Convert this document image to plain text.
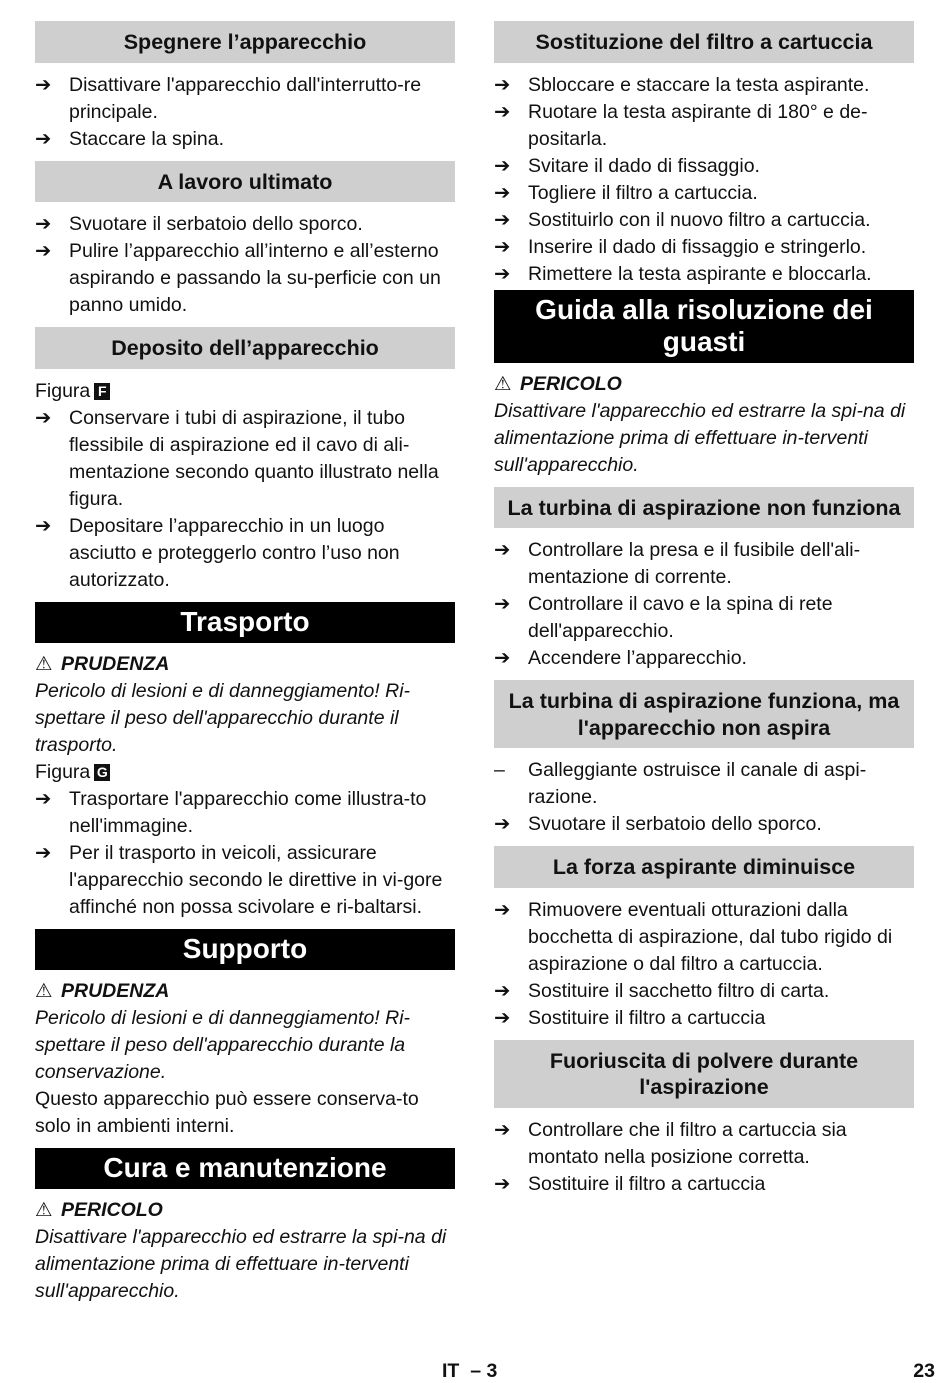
Spegnere l’apparecchio
➔ Disattivare l'apparecchio dall'interrutto-re principale.
➔ Staccare la spina.
A lavoro ultimato
➔ Svuotare il serbatoio dello sporco.
➔ Pulire l’apparecchio all’interno e all’esterno aspirando e passando la su-perficie con un panno umido.
Deposito dell’apparecchio
Figura F
➔ Conservare i tubi di aspirazione, il tubo flessibile di aspirazione ed il cavo di ali-mentazione secondo quanto illustrato nella figura.
➔ Depositare l’apparecchio in un luogo asciutto e proteggerlo contro l’uso non autorizzato.
Trasporto
⚠ PRUDENZA
Pericolo di lesioni e di danneggiamento! Ri-spettare il peso dell'apparecchio durante il trasporto.
Figura G
➔ Trasportare l'apparecchio come illustra-to nell'immagine.
➔ Per il trasporto in veicoli, assicurare l'apparecchio secondo le direttive in vi-gore affinché non possa scivolare e ri-baltarsi.
Supporto
⚠ PRUDENZA
Pericolo di lesioni e di danneggiamento! Ri-spettare il peso dell'apparecchio durante la conservazione.
Questo apparecchio può essere conserva-to solo in ambienti interni.
Cura e manutenzione
⚠ PERICOLO
Disattivare l'apparecchio ed estrarre la spi-na di alimentazione prima di effettuare in-terventi sull'apparecchio.
Sostituzione del filtro a cartuccia
➔ Sbloccare e staccare la testa aspirante.
➔ Ruotare la testa aspirante di 180° e de-positarla.
➔ Svitare il dado di fissaggio.
➔ Togliere il filtro a cartuccia.
➔ Sostituirlo con il nuovo filtro a cartuccia.
➔ Inserire il dado di fissaggio e stringerlo.
➔ Rimettere la testa aspirante e bloccarla.
Guida alla risoluzione dei guasti
⚠ PERICOLO
Disattivare l'apparecchio ed estrarre la spi-na di alimentazione prima di effettuare in-terventi sull'apparecchio.
La turbina di aspirazione non funziona
➔ Controllare la presa e il fusibile dell'ali-mentazione di corrente.
➔ Controllare il cavo e la spina di rete dell'apparecchio.
➔ Accendere l’apparecchio.
La turbina di aspirazione funziona, ma l'apparecchio non aspira
–	Galleggiante ostruisce il canale di aspi-razione.
➔ Svuotare il serbatoio dello sporco.
La forza aspirante diminuisce
➔ Rimuovere eventuali otturazioni dalla bocchetta di aspirazione, dal tubo rigido di aspirazione o dal filtro a cartuccia.
➔ Sostituire il sacchetto filtro di carta.
➔ Sostituire il filtro a cartuccia
Fuoriuscita di polvere durante l'aspirazione
➔ Controllare che il filtro a cartuccia sia montato nella posizione corretta.
➔ Sostituire il filtro a cartuccia
IT – 3	23
